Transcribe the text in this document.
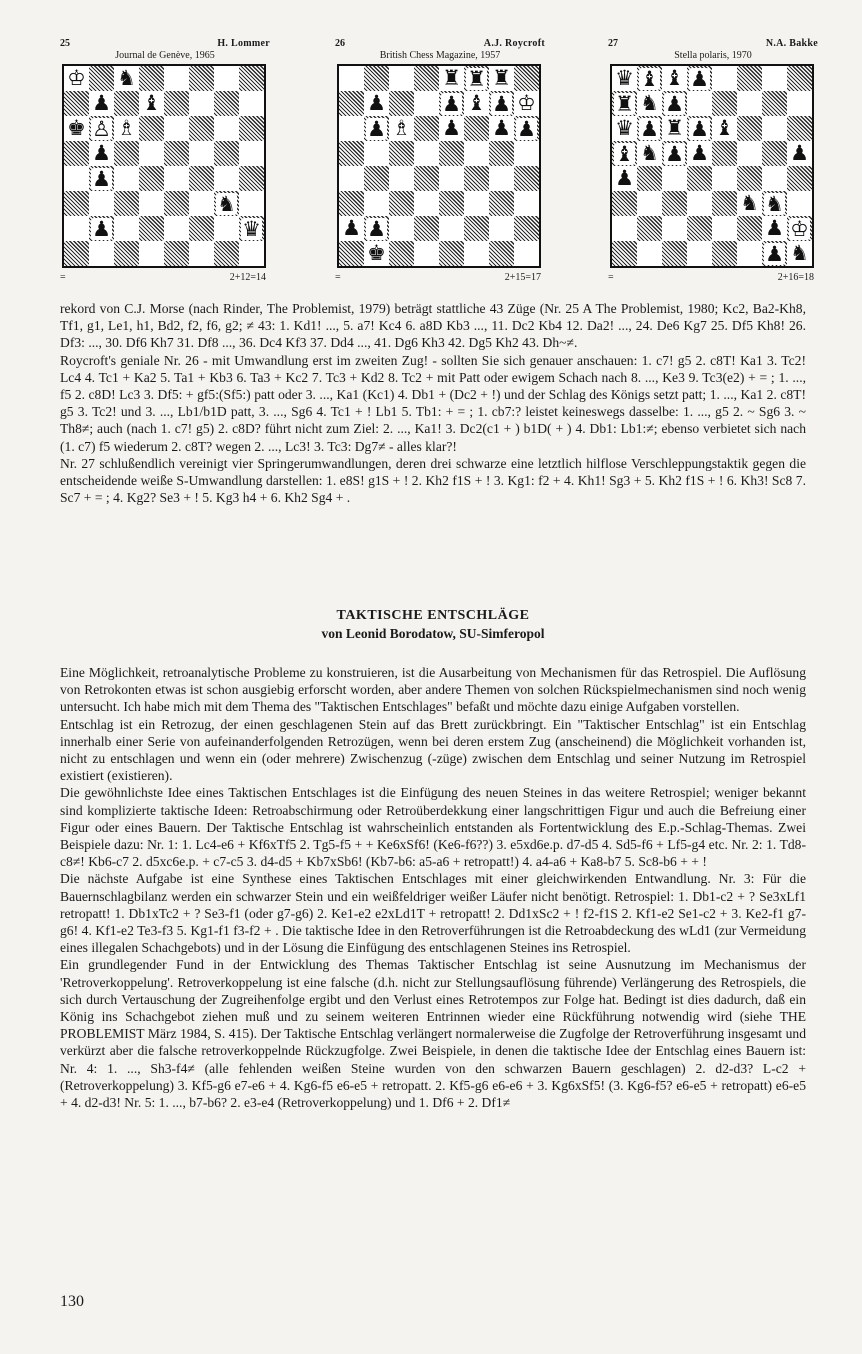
25	H. Lommer
Journal de Genève, 1965
♔ ♞
♟ ♝
♚ ♙ ♗
♟
♟
♞
♟	♛
=	2+12=14
26	A.J. Roycroft
British Chess Magazine, 1957
♜ ♜ ♜
♟	♟ ♝ ♟ ♔
♟ ♗ ♟ ♟ ♟
♟ ♟
♚
=	2+15=17
27	N.A. Bakke
Stella polaris, 1970
♛ ♝ ♝ ♟
♜ ♞ ♟
♛ ♟ ♜ ♟ ♝
♝ ♞ ♟ ♟	♟
♟
♞ ♞
♟ ♔
♟ ♞
=	2+16=18

rekord von C.J. Morse (nach Rinder, The Problemist, 1979) beträgt stattliche 43 Züge (Nr. 25 A The Problemist, 1980; Kc2, Ba2-Kh8, Tf1, g1, Le1, h1, Bd2, f2, f6, g2; ≠ 43: 1. Kd1! ..., 5. a7! Kc4 6. a8D Kb3 ..., 11. Dc2 Kb4 12. Da2! ..., 24. De6 Kg7 25. Df5 Kh8! 26. Df3: ..., 30. Df6 Kh7 31. Df8 ..., 36. Dc4 Kf3 37. Dd4 ..., 41. Dg6 Kh3 42. Dg5 Kh2 43. Dh~≠.

Roycroft's geniale Nr. 26 - mit Umwandlung erst im zweiten Zug! - sollten Sie sich genauer anschauen: 1. c7! g5 2. c8T! Ka1 3. Tc2! Lc4 4. Tc1 + Ka2 5. Ta1 + Kb3 6. Ta3 + Kc2 7. Tc3 + Kd2 8. Tc2 + mit Patt oder ewigem Schach nach 8. ..., Ke3 9. Tc3(e2) + = ; 1. ..., f5 2. c8D! Lc3 3. Df5: + gf5:(Sf5:) patt oder 3. ..., Ka1 (Kc1) 4. Db1 + (Dc2 + !) und der Schlag des Königs setzt patt; 1. ..., Ka1 2. c8T! g5 3. Tc2! und 3. ..., Lb1/b1D patt, 3. ..., Sg6 4. Tc1 + ! Lb1 5. Tb1: + = ; 1. cb7:? leistet keineswegs dasselbe: 1. ..., g5 2. ~ Sg6 3. ~ Th8≠; auch (nach 1. c7! g5) 2. c8D? führt nicht zum Ziel: 2. ..., Ka1! 3. Dc2(c1 + ) b1D( + ) 4. Db1: Lb1:≠; ebenso verbietet sich nach (1. c7) f5 wiederum 2. c8T? wegen 2. ..., Lc3! 3. Tc3: Dg7≠ - alles klar?!

Nr. 27 schlußendlich vereinigt vier Springerumwandlungen, deren drei schwarze eine letztlich hilflose Verschleppungstaktik gegen die entscheidende weiße S-Umwandlung darstellen: 1. e8S! g1S + ! 2. Kh2 f1S + ! 3. Kg1: f2 + 4. Kh1! Sg3 + 5. Kh2 f1S + ! 6. Kh3! Sc8 7. Sc7 + = ; 4. Kg2? Se3 + ! 5. Kg3 h4 + 6. Kh2 Sg4 + .

TAKTISCHE ENTSCHLÄGE
von Leonid Borodatow, SU-Simferopol

Eine Möglichkeit, retroanalytische Probleme zu konstruieren, ist die Ausarbeitung von Mechanismen für das Retrospiel. Die Auflösung von Retrokonten etwas ist schon ausgiebig erforscht worden, aber andere Themen von solchen Rückspielmechanismen sind noch wenig untersucht. Ich habe mich mit dem Thema des "Taktischen Entschlages" befaßt und möchte dazu einige Aufgaben vorstellen.

Entschlag ist ein Retrozug, der einen geschlagenen Stein auf das Brett zurückbringt. Ein "Taktischer Entschlag" ist ein Entschlag innerhalb einer Serie von aufeinanderfolgenden Retrozügen, wenn bei deren erstem Zug (anscheinend) die Möglichkeit vorhanden ist, nicht zu entschlagen und wenn ein (oder mehrere) Zwischenzug (-züge) zwischen dem Entschlag und seiner Nutzung im Retrospiel existiert (existieren).

Die gewöhnlichste Idee eines Taktischen Entschlages ist die Einfügung des neuen Steines in das weitere Retrospiel; weniger bekannt sind komplizierte taktische Ideen: Retroabschirmung oder Retroüberdekkung einer langschrittigen Figur und auch die Befreiung einer Figur oder eines Bauern. Der Taktische Entschlag ist wahrscheinlich entstanden als Fortentwicklung des E.p.-Schlag-Themas. Zwei Beispiele dazu: Nr. 1: 1. Lc4-e6 + Kf6xTf5 2. Tg5-f5 + + Ke6xSf6! (Ke6-f6??) 3. e5xd6e.p. d7-d5 4. Sd5-f6 + Lf5-g4 etc. Nr. 2: 1. Td8-c8≠! Kb6-c7 2. d5xc6e.p. + c7-c5 3. d4-d5 + Kb7xSb6! (Kb7-b6: a5-a6 + retropatt!) 4. a4-a6 + Ka8-b7 5. Sc8-b6 + + !

Die nächste Aufgabe ist eine Synthese eines Taktischen Entschlages mit einer gleichwirkenden Entwandlung. Nr. 3: Für die Bauernschlagbilanz werden ein schwarzer Stein und ein weißfeldriger weißer Läufer nicht benötigt. Retrospiel: 1. Db1-c2 + ? Se3xLf1 retropatt! 1. Db1xTc2 + ? Se3-f1 (oder g7-g6) 2. Ke1-e2 e2xLd1T + retropatt! 2. Dd1xSc2 + ! f2-f1S 2. Kf1-e2 Se1-c2 + 3. Ke2-f1 g7-g6! 4. Kf1-e2 Te3-f3 5. Kg1-f1 f3-f2 + . Die taktische Idee in den Retroverführungen ist die Retroabdeckung des wLd1 (zur Vermeidung eines illegalen Schachgebots) und in der Lösung die Einfügung des entschlagenen Steines ins Retrospiel.

Ein grundlegender Fund in der Entwicklung des Themas Taktischer Entschlag ist seine Ausnutzung im Mechanismus der 'Retroverkoppelung'. Retroverkoppelung ist eine falsche (d.h. nicht zur Stellungsauflösung führende) Verlängerung des Retrospiels, die sich durch Vertauschung der Zugreihenfolge ergibt und den Verlust eines Retrotempos zur Folge hat. Bedingt ist dies dadurch, daß ein König ins Schachgebot ziehen muß und zu seinem weiteren Entrinnen wieder eine Rückführung notwendig wird (siehe THE PROBLEMIST März 1984, S. 415). Der Taktische Entschlag verlängert normalerweise die Zugfolge der Retroverführung insgesamt und verkürzt aber die falsche retroverkoppelnde Rückzugfolge. Zwei Beispiele, in denen die taktische Idee der Entschlag eines Bauern ist: Nr. 4: 1. ..., Sh3-f4≠ (alle fehlenden weißen Steine wurden von den schwarzen Bauern geschlagen) 2. d2-d3? L-c2 + (Retroverkoppelung) 3. Kf5-g6 e7-e6 + 4. Kg6-f5 e6-e5 + retropatt. 2. Kf5-g6 e6-e6 + 3. Kg6xSf5! (3. Kg6-f5? e6-e5 + retropatt) e6-e5 + 4. d2-d3! Nr. 5: 1. ..., b7-b6? 2. e3-e4 (Retroverkoppelung) und 1. Df6 + 2. Df1≠

130
